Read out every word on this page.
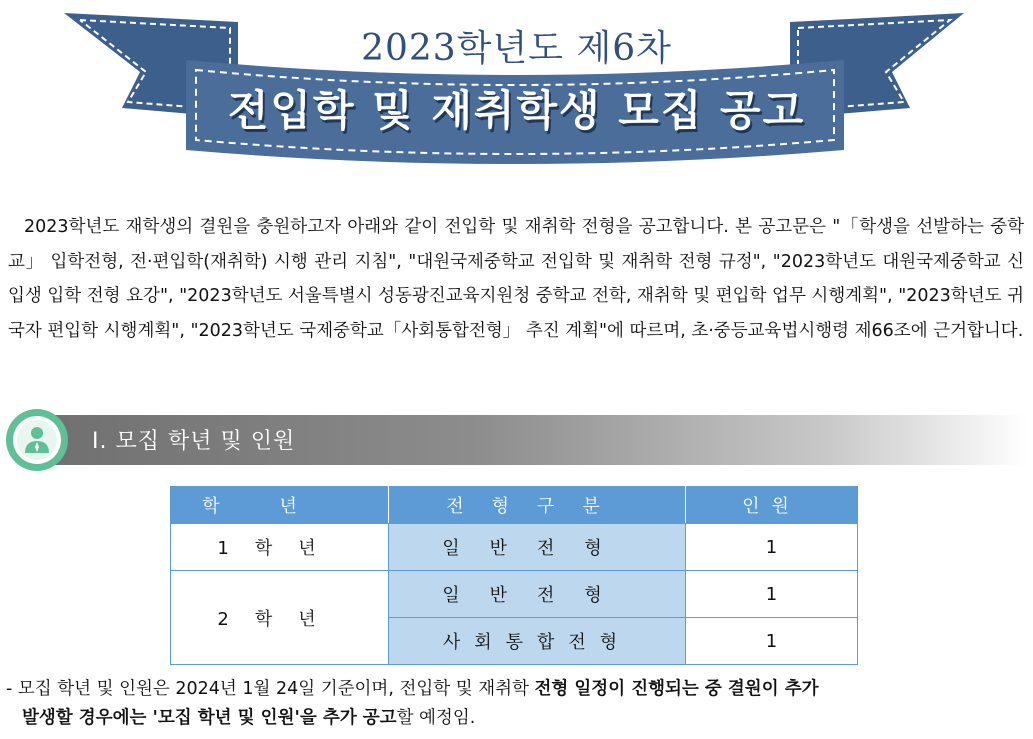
2023학년도 제6차
전입학 및 재취학생 모집 공고

2023학년도 재학생의 결원을 충원하고자 아래와 같이 전입학 및 재취학 전형을 공고합니다. 본 공고문은 "「학생을 선발하는 중학교」 입학전형, 전·편입학(재취학) 시행 관리 지침", "대원국제중학교 전입학 및 재취학 전형 규정", "2023학년도 대원국제중학교 신입생 입학 전형 요강", "2023학년도 서울특별시 성동광진교육지원청 중학교 전학, 재취학 및 편입학 업무 시행계획", "2023학년도 귀국자 편입학 시행계획", "2023학년도 국제중학교「사회통합전형」 추진 계획"에 따르며, 초·중등교육법시행령 제66조에 근거합니다.

I. 모집 학년 및 인원
학년	전형구분	인원
1학년	일반전형	1
2학년	일반전형	1
	사회통합전형	1
- 모집 학년 및 인원은 2024년 1월 24일 기준이며, 전입학 및 재취학 전형 일정이 진행되는 중 결원이 추가
발생할 경우에는 '모집 학년 및 인원'을 추가 공고할 예정임.
